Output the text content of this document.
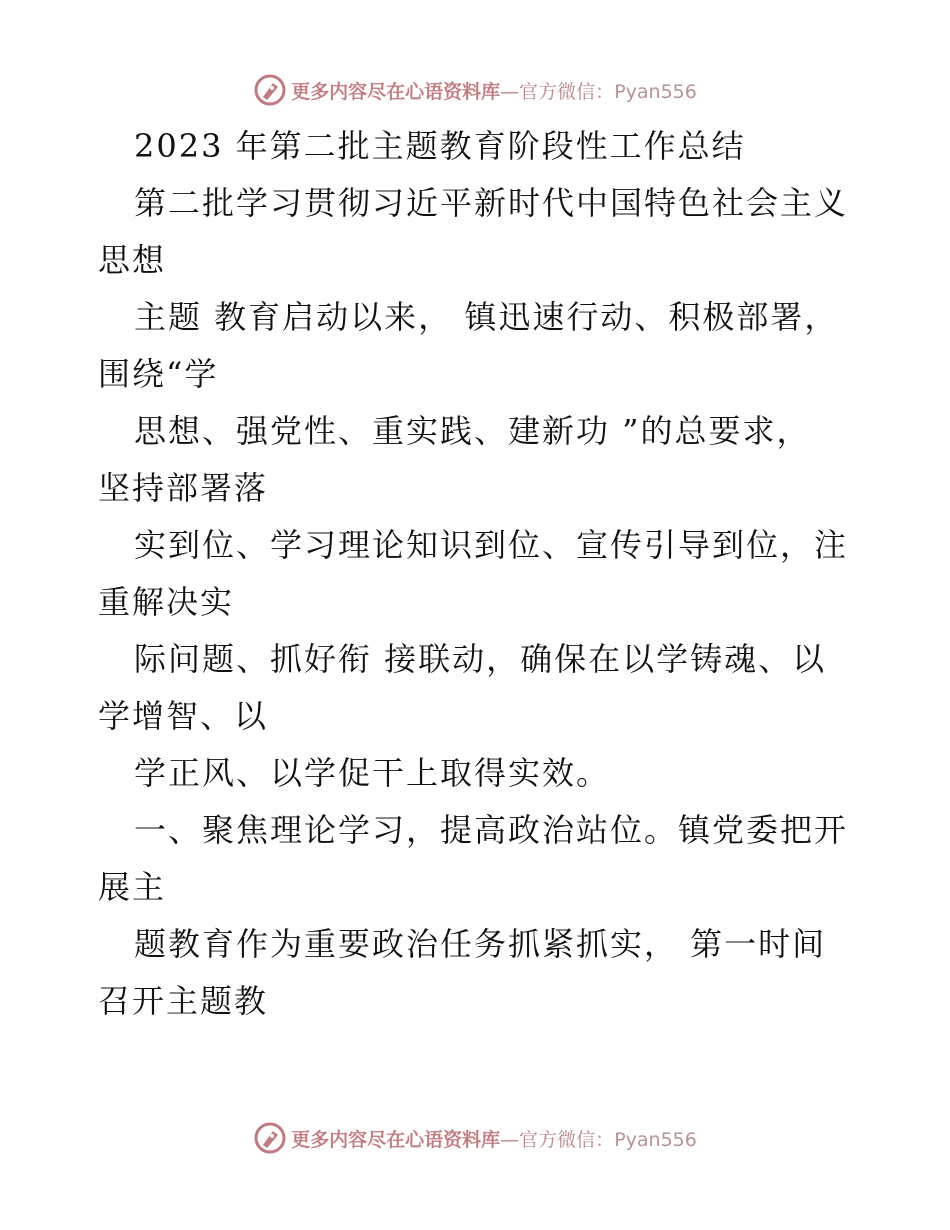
更多内容尽在心语资料库—官方微信：Pyan556
2023 年第二批主题教育阶段性工作总结
第二批学习贯彻习近平新时代中国特色社会主义
思想
主题 教育启动以来， 镇迅速行动、积极部署，
围绕“学
思想、强党性、重实践、建新功 ”的总要求，
坚持部署落
实到位、学习理论知识到位、宣传引导到位，注
重解决实
际问题、抓好衔 接联动，确保在以学铸魂、以
学增智、以
学正风、以学促干上取得实效。
一、聚焦理论学习，提高政治站位。镇党委把开
展主
题教育作为重要政治任务抓紧抓实， 第一时间
召开主题教
更多内容尽在心语资料库—官方微信：Pyan556
